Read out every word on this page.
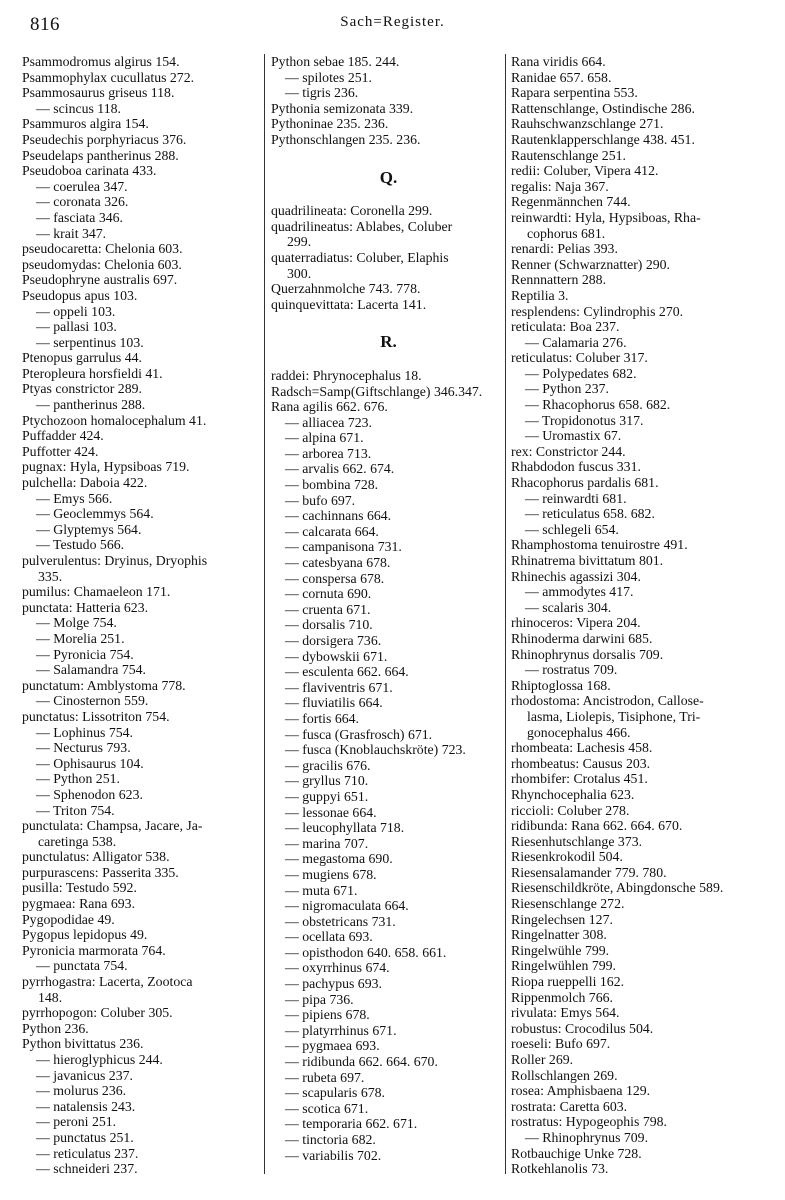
816	Sach=Register.
Psammodromus algirus 154.
Psammophylax cucullatus 272.
Psammosaurus griseus 118.
— scincus 118.
Psammuros algira 154.
Pseudechis porphyriacus 376.
Pseudelaps pantherinus 288.
Pseudoboa carinata 433.
— coerulea 347.
— coronata 326.
— fasciata 346.
— krait 347.
pseudocaretta: Chelonia 603.
pseudomydas: Chelonia 603.
Pseudophryne australis 697.
Pseudopus apus 103.
— oppeli 103.
— pallasi 103.
— serpentinus 103.
Ptenopus garrulus 44.
Pteropleura horsfieldi 41.
Ptyas constrictor 289.
— pantherinus 288.
Ptychozoon homalocephalum 41.
Puffadder 424.
Puffotter 424.
pugnax: Hyla, Hypsiboas 719.
pulchella: Daboia 422.
— Emys 566.
— Geoclemmys 564.
— Glyptemys 564.
— Testudo 566.
pulverulentus: Dryinus, Dryophis
335.
pumilus: Chamaeleon 171.
punctata: Hatteria 623.
— Molge 754.
— Morelia 251.
— Pyronicia 754.
— Salamandra 754.
punctatum: Amblystoma 778.
— Cinosternon 559.
punctatus: Lissotriton 754.
— Lophinus 754.
— Necturus 793.
— Ophisaurus 104.
— Python 251.
— Sphenodon 623.
— Triton 754.
punctulata: Champsa, Jacare, Ja-
caretinga 538.
punctulatus: Alligator 538.
purpurascens: Passerita 335.
pusilla: Testudo 592.
pygmaea: Rana 693.
Pygopodidae 49.
Pygopus lepidopus 49.
Pyronicia marmorata 764.
— punctata 754.
pyrrhogastra: Lacerta, Zootoca
148.
pyrrhopogon: Coluber 305.
Python 236.
Python bivittatus 236.
— hieroglyphicus 244.
— javanicus 237.
— molurus 236.
— natalensis 243.
— peroni 251.
— punctatus 251.
— reticulatus 237.
— schneideri 237.
Python sebae 185. 244.
— spilotes 251.
— tigris 236.
Pythonia semizonata 339.
Pythoninae 235. 236.
Pythonschlangen 235. 236.
Q.
quadrilineata: Coronella 299.
quadrilineatus: Ablabes, Coluber
299.
quaterradiatus: Coluber, Elaphis
300.
Querzahnmolche 743. 778.
quinquevittata: Lacerta 141.
R.
raddei: Phrynocephalus 18.
Radsch=Samp(Giftschlange) 346.347.
Rana agilis 662. 676.
— alliacea 723.
— alpina 671.
— arborea 713.
— arvalis 662. 674.
— bombina 728.
— bufo 697.
— cachinnans 664.
— calcarata 664.
— campanisona 731.
— catesbyana 678.
— conspersa 678.
— cornuta 690.
— cruenta 671.
— dorsalis 710.
— dorsigera 736.
— dybowskii 671.
— esculenta 662. 664.
— flaviventris 671.
— fluviatilis 664.
— fortis 664.
— fusca (Grasfrosch) 671.
— fusca (Knoblauchskröte) 723.
— gracilis 676.
— gryllus 710.
— guppyi 651.
— lessonae 664.
— leucophyllata 718.
— marina 707.
— megastoma 690.
— mugiens 678.
— muta 671.
— nigromaculata 664.
— obstetricans 731.
— ocellata 693.
— opisthodon 640. 658. 661.
— oxyrrhinus 674.
— pachypus 693.
— pipa 736.
— pipiens 678.
— platyrrhinus 671.
— pygmaea 693.
— ridibunda 662. 664. 670.
— rubeta 697.
— scapularis 678.
— scotica 671.
— temporaria 662. 671.
— tinctoria 682.
— variabilis 702.
Rana viridis 664.
Ranidae 657. 658.
Rapara serpentina 553.
Rattenschlange, Ostindische 286.
Rauhschwanzschlange 271.
Rautenklapperschlange 438. 451.
Rautenschlange 251.
redii: Coluber, Vipera 412.
regalis: Naja 367.
Regenmännchen 744.
reinwardti: Hyla, Hypsiboas, Rha-
cophorus 681.
renardi: Pelias 393.
Renner (Schwarznatter) 290.
Rennnattern 288.
Reptilia 3.
resplendens: Cylindrophis 270.
reticulata: Boa 237.
— Calamaria 276.
reticulatus: Coluber 317.
— Polypedates 682.
— Python 237.
— Rhacophorus 658. 682.
— Tropidonotus 317.
— Uromastix 67.
rex: Constrictor 244.
Rhabdodon fuscus 331.
Rhacophorus pardalis 681.
— reinwardti 681.
— reticulatus 658. 682.
— schlegeli 654.
Rhamphostoma tenuirostre 491.
Rhinatrema bivittatum 801.
Rhinechis agassizi 304.
— ammodytes 417.
— scalaris 304.
rhinoceros: Vipera 204.
Rhinoderma darwini 685.
Rhinophrynus dorsalis 709.
— rostratus 709.
Rhiptoglossa 168.
rhodostoma: Ancistrodon, Callose-
lasma, Liolepis, Tisiphone, Tri-
gonocephalus 466.
rhombeata: Lachesis 458.
rhombeatus: Causus 203.
rhombifer: Crotalus 451.
Rhynchocephalia 623.
riccioli: Coluber 278.
ridibunda: Rana 662. 664. 670.
Riesenhutschlange 373.
Riesenkrokodil 504.
Riesensalamander 779. 780.
Riesenschildkröte, Abingdonsche 589.
Riesenschlange 272.
Ringelechsen 127.
Ringelnatter 308.
Ringelwühle 799.
Ringelwühlen 799.
Riopa rueppelli 162.
Rippenmolch 766.
rivulata: Emys 564.
robustus: Crocodilus 504.
roeseli: Bufo 697.
Roller 269.
Rollschlangen 269.
rosea: Amphisbaena 129.
rostrata: Caretta 603.
rostratus: Hypogeophis 798.
— Rhinophrynus 709.
Rotbauchige Unke 728.
Rotkehlanolis 73.
